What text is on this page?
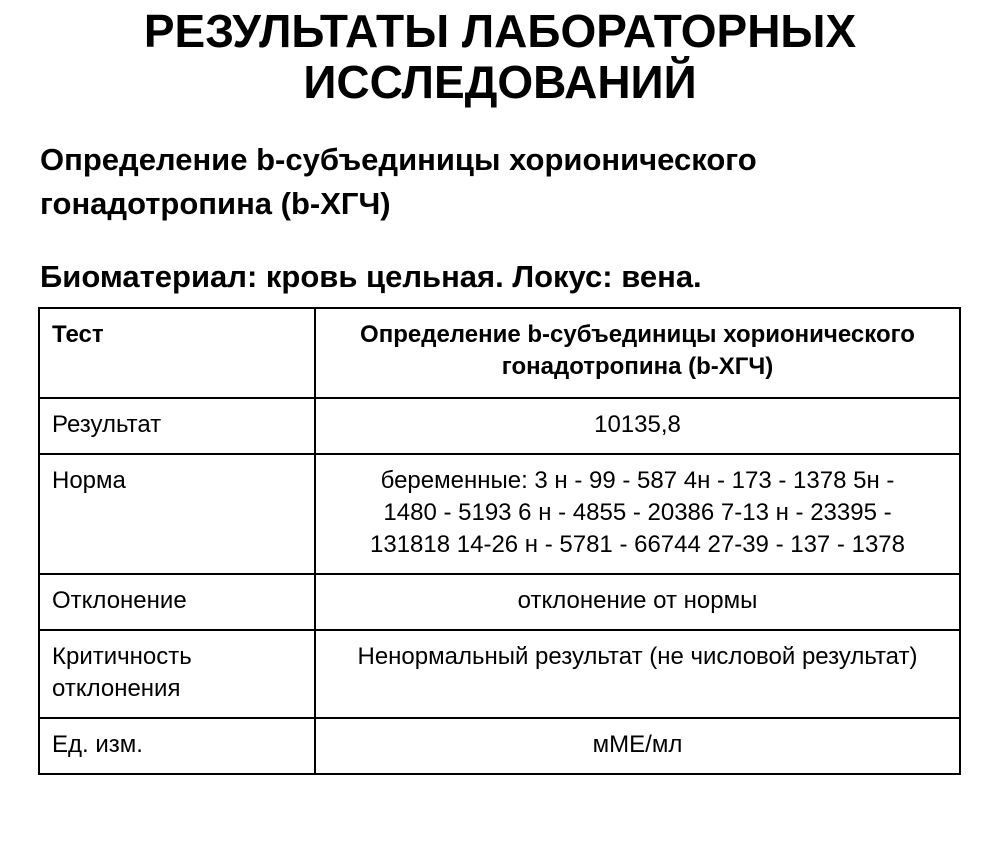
РЕЗУЛЬТАТЫ ЛАБОРАТОРНЫХ
ИССЛЕДОВАНИЙ
Определение b-субъединицы хорионического
гонадотропина (b-ХГЧ)
Биоматериал: кровь цельная. Локус: вена.
Тест	Определение b-субъединицы хорионического
гонадотропина (b-ХГЧ)
Результат	10135,8
Норма	беременные: 3 н - 99 - 587 4н - 173 - 1378 5н -
1480 - 5193 6 н - 4855 - 20386 7-13 н - 23395 -
131818 14-26 н - 5781 - 66744 27-39 - 137 - 1378
Отклонение	отклонение от нормы
Критичность
отклонения	Ненормальный результат (не числовой результат)
Ед. изм.	мМЕ/мл
